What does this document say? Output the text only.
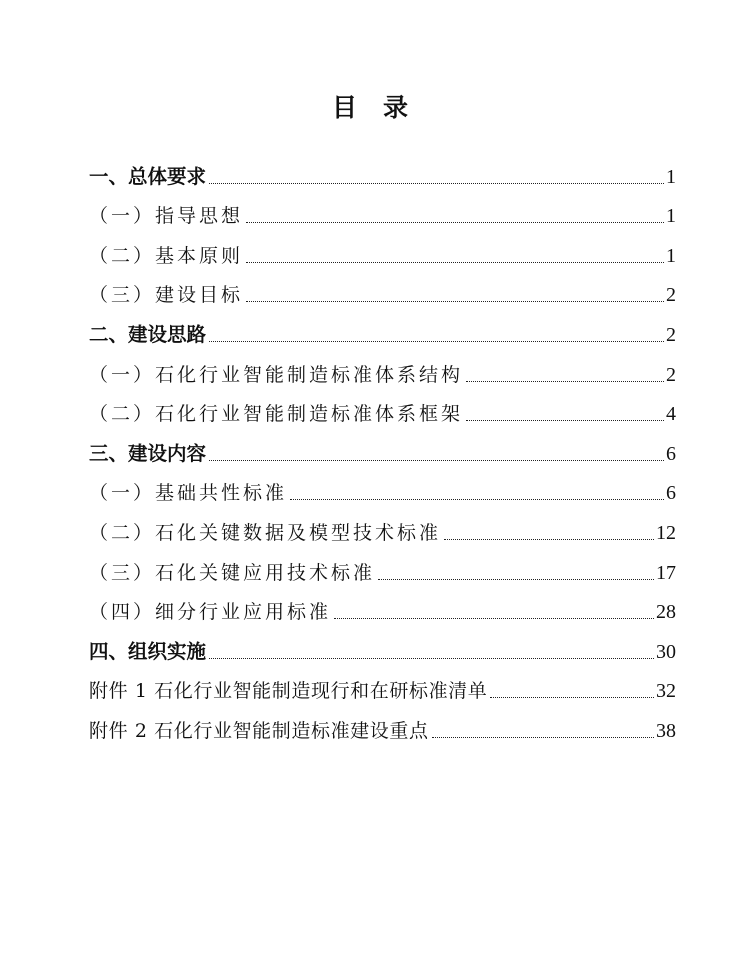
目录
一、总体要求	1
（一）指导思想	1
（二）基本原则	1
（三）建设目标	2
二、建设思路	2
（一）石化行业智能制造标准体系结构	2
（二）石化行业智能制造标准体系框架	4
三、建设内容	6
（一）基础共性标准	6
（二）石化关键数据及模型技术标准	12
（三）石化关键应用技术标准	17
（四）细分行业应用标准	28
四、组织实施	30
附件 1 石化行业智能制造现行和在研标准清单	32
附件 2 石化行业智能制造标准建设重点	38
